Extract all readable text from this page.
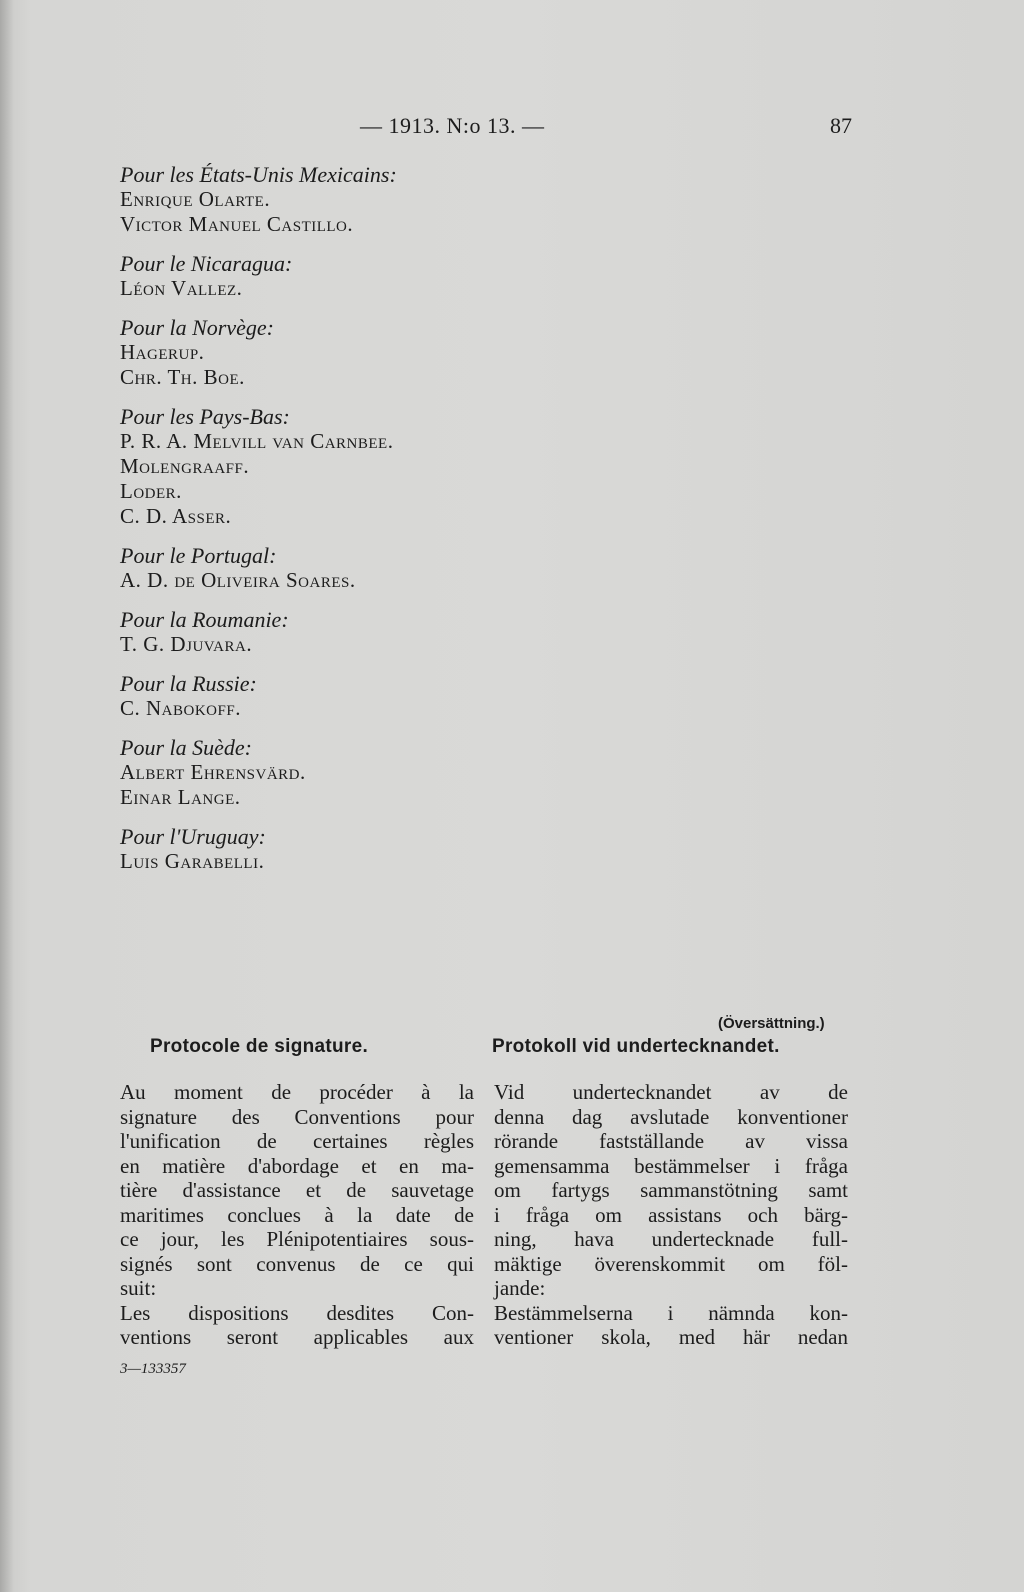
— 1913. N:o 13. —	87

Pour les États-Unis Mexicains:

Enrique Olarte.

Victor Manuel Castillo.

Pour le Nicaragua:

Léon Vallez.

Pour la Norvège:

Hagerup.

Chr. Th. Boe.

Pour les Pays-Bas:

P. R. A. Melvill van Carnbee.

Molengraaff.

Loder.

C. D. Asser.

Pour le Portugal:

A. D. de Oliveira Soares.

Pour la Roumanie:

T. G. Djuvara.

Pour la Russie:

C. Nabokoff.

Pour la Suède:

Albert Ehrensvärd.

Einar Lange.

Pour l'Uruguay:

Luis Garabelli.

(Översättning.)
Protocole de signature.	Protokoll vid undertecknandet.
Au moment de procéder à la
signature des Conventions pour
l'unification de certaines règles
en matière d'abordage et en ma-
tière d'assistance et de sauvetage
maritimes conclues à la date de
ce jour, les Plénipotentiaires sous-
signés sont convenus de ce qui
suit:
Les dispositions desdites Con-
ventions seront applicables aux
Vid undertecknandet av de
denna dag avslutade konventioner
rörande fastställande av vissa
gemensamma bestämmelser i fråga
om fartygs sammanstötning samt
i fråga om assistans och bärg-
ning, hava undertecknade full-
mäktige överenskommit om föl-
jande:
Bestämmelserna i nämnda kon-
ventioner skola, med här nedan
3—133357
